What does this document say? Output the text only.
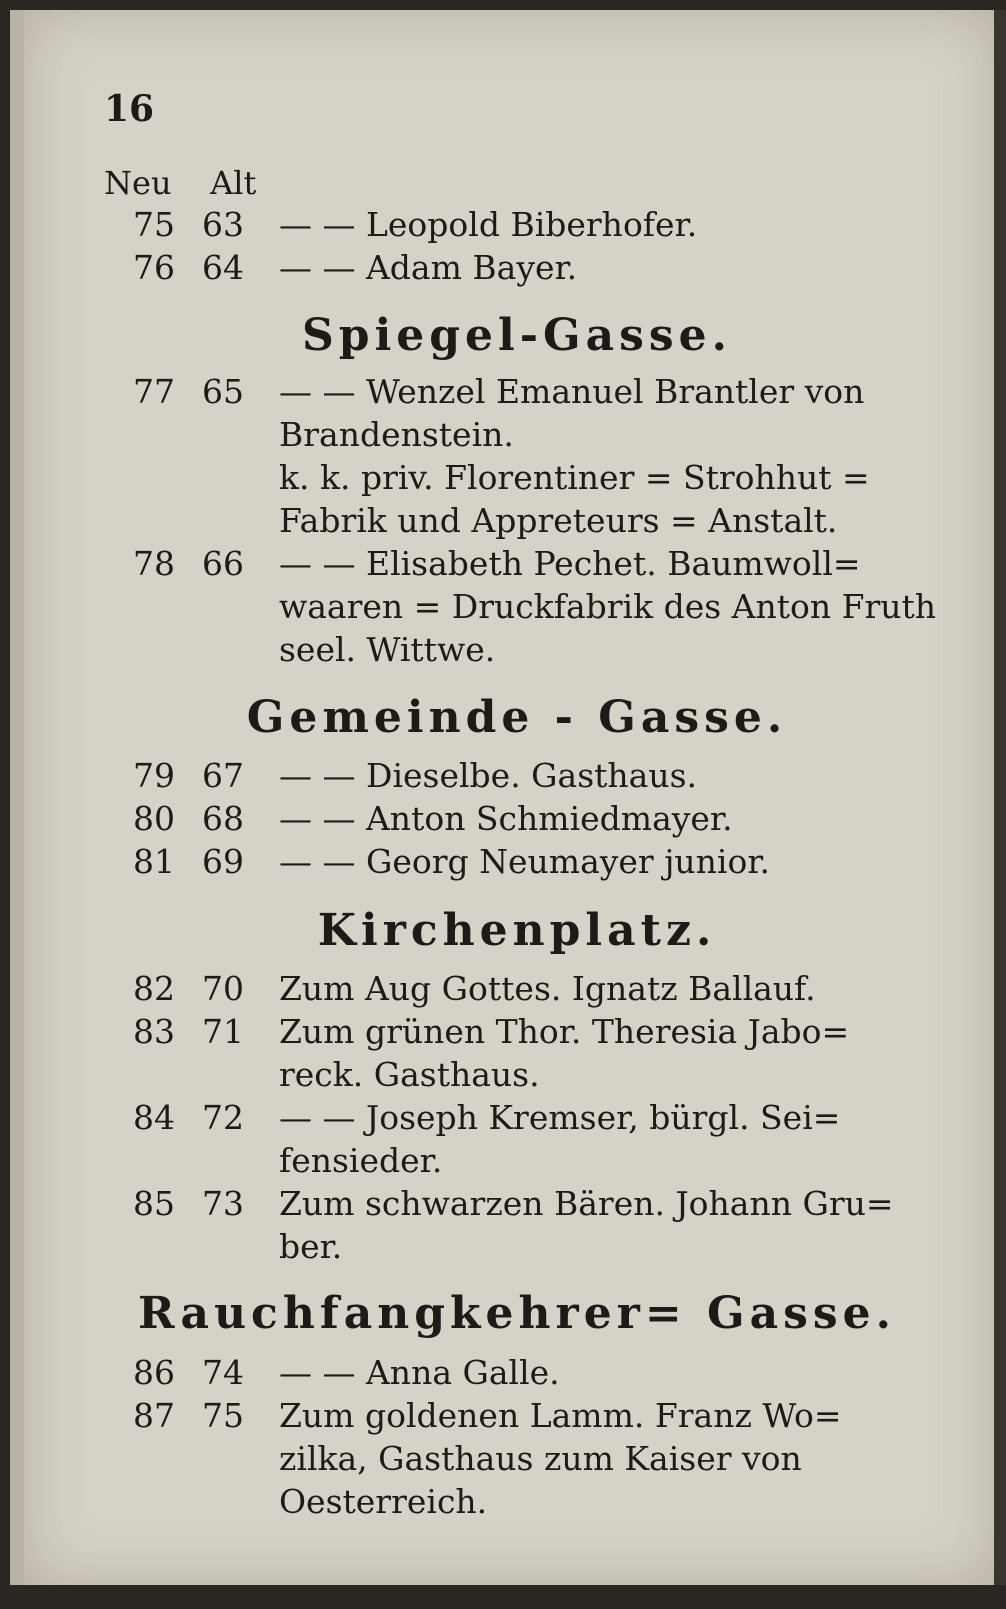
16
Neu Alt
75 63	— — Leopold Biberhofer.
76 64	— — Adam Bayer.
Spiegel-Gasse.
77 65	— — Wenzel Emanuel Brantler von Brandenstein.
k. k. priv. Florentiner = Strohhut = Fabrik und Appreteurs = Anstalt.
78 66	— — Elisabeth Pechet. Baumwoll= waaren = Druckfabrik des Anton Fruth seel. Wittwe.
Gemeinde - Gasse.
79 67	— — Dieselbe. Gasthaus.
80 68	— — Anton Schmiedmayer.
81 69	— — Georg Neumayer junior.
Kirchenplatz.
82 70	Zum Aug Gottes. Ignatz Ballauf.
83 71	Zum grünen Thor. Theresia Jabo= reck. Gasthaus.
84 72	— — Joseph Kremser, bürgl. Sei= fensieder.
85 73	Zum schwarzen Bären. Johann Gru= ber.
Rauchfangkehrer= Gasse.
86 74	— — Anna Galle.
87 75	Zum goldenen Lamm. Franz Wo= zilka, Gasthaus zum Kaiser von Oesterreich.
